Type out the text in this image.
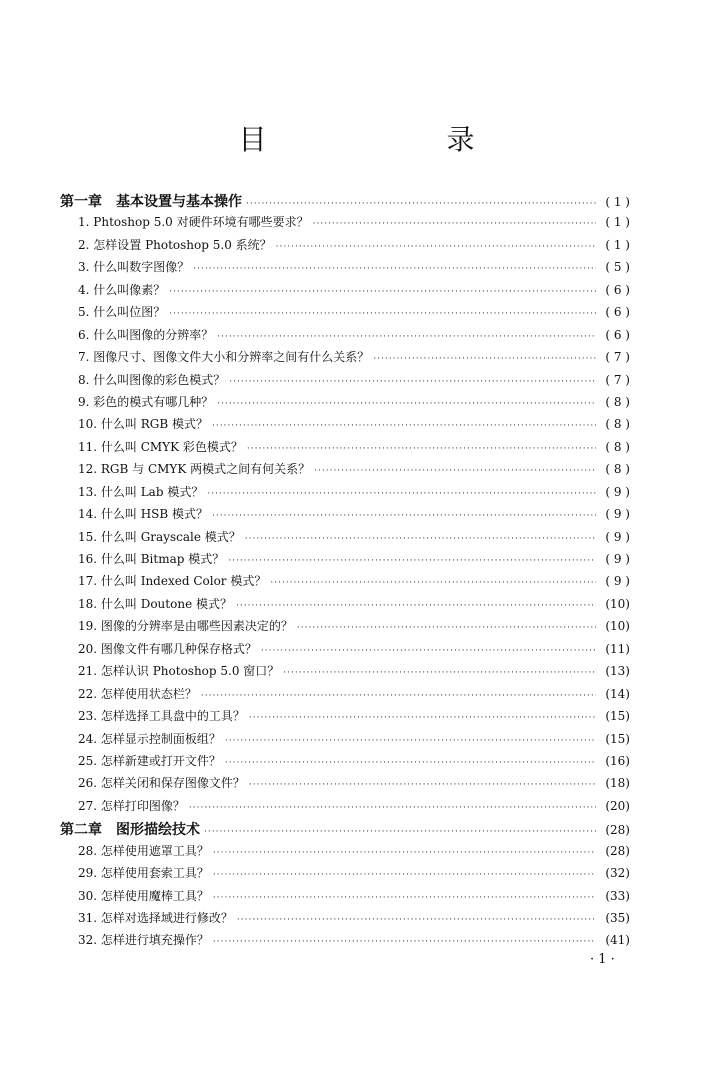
目　录
第一章　基本设置与基本操作 ·····	( 1 )
1. Phtoshop 5.0 对硬件环境有哪些要求？ ·····	( 1 )
2. 怎样设置 Photoshop 5.0 系统？ ·····	( 1 )
3. 什么叫数字图像？ ·····	( 5 )
4. 什么叫像素？ ·····	( 6 )
5. 什么叫位图？ ·····	( 6 )
6. 什么叫图像的分辨率？ ·····	( 6 )
7. 图像尺寸、图像文件大小和分辨率之间有什么关系？ ·····	( 7 )
8. 什么叫图像的彩色模式？ ·····	( 7 )
9. 彩色的模式有哪几种？ ·····	( 8 )
10. 什么叫 RGB 模式？ ·····	( 8 )
11. 什么叫 CMYK 彩色模式？ ·····	( 8 )
12. RGB 与 CMYK 两模式之间有何关系？ ·····	( 8 )
13. 什么叫 Lab 模式？ ·····	( 9 )
14. 什么叫 HSB 模式？ ·····	( 9 )
15. 什么叫 Grayscale 模式？ ·····	( 9 )
16. 什么叫 Bitmap 模式？ ·····	( 9 )
17. 什么叫 Indexed Color 模式？ ·····	( 9 )
18. 什么叫 Doutone 模式？ ·····	(10)
19. 图像的分辨率是由哪些因素决定的？ ·····	(10)
20. 图像文件有哪几种保存格式？ ·····	(11)
21. 怎样认识 Photoshop 5.0 窗口？ ·····	(13)
22. 怎样使用状态栏？ ·····	(14)
23. 怎样选择工具盘中的工具？ ·····	(15)
24. 怎样显示控制面板组？ ·····	(15)
25. 怎样新建或打开文件？ ·····	(16)
26. 怎样关闭和保存图像文件？ ·····	(18)
27. 怎样打印图像？ ·····	(20)
第二章　图形描绘技术 ·····	(28)
28. 怎样使用遮罩工具？ ·····	(28)
29. 怎样使用套索工具？ ·····	(32)
30. 怎样使用魔棒工具？ ·····	(33)
31. 怎样对选择域进行修改？ ·····	(35)
32. 怎样进行填充操作？ ·····	(41)
· 1 ·
